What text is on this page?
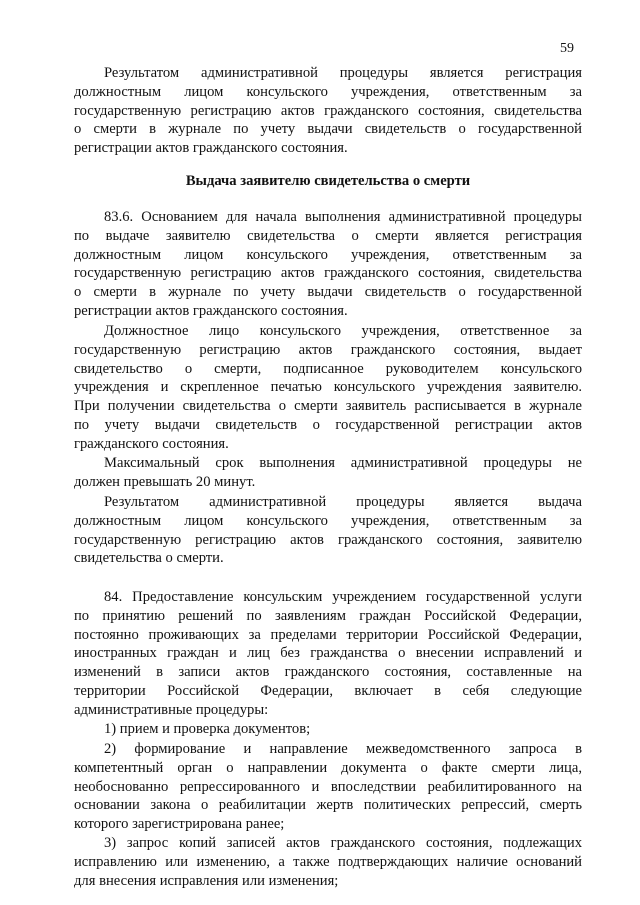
59
Результатом административной процедуры является регистрация
должностным лицом консульского учреждения, ответственным за
государственную регистрацию актов гражданского состояния, свидетельства
о смерти в журнале по учету выдачи свидетельств о государственной
регистрации актов гражданского состояния.
Выдача заявителю свидетельства о смерти
83.6. Основанием для начала выполнения административной процедуры
по выдаче заявителю свидетельства о смерти является регистрация
должностным лицом консульского учреждения, ответственным за
государственную регистрацию актов гражданского состояния, свидетельства
о смерти в журнале по учету выдачи свидетельств о государственной
регистрации актов гражданского состояния.
Должностное лицо консульского учреждения, ответственное за
государственную регистрацию актов гражданского состояния, выдает
свидетельство о смерти, подписанное руководителем консульского
учреждения и скрепленное печатью консульского учреждения заявителю.
При получении свидетельства о смерти заявитель расписывается в журнале
по учету выдачи свидетельств о государственной регистрации актов
гражданского состояния.
Максимальный срок выполнения административной процедуры не
должен превышать 20 минут.
Результатом административной процедуры является выдача
должностным лицом консульского учреждения, ответственным за
государственную регистрацию актов гражданского состояния, заявителю
свидетельства о смерти.
84. Предоставление консульским учреждением государственной услуги
по принятию решений по заявлениям граждан Российской Федерации,
постоянно проживающих за пределами территории Российской Федерации,
иностранных граждан и лиц без гражданства о внесении исправлений и
изменений в записи актов гражданского состояния, составленные на
территории Российской Федерации, включает в себя следующие
административные процедуры:
1) прием и проверка документов;
2) формирование и направление межведомственного запроса в
компетентный орган о направлении документа о факте смерти лица,
необоснованно репрессированного и впоследствии реабилитированного на
основании закона о реабилитации жертв политических репрессий, смерть
которого зарегистрирована ранее;
3) запрос копий записей актов гражданского состояния, подлежащих
исправлению или изменению, а также подтверждающих наличие оснований
для внесения исправления или изменения;
